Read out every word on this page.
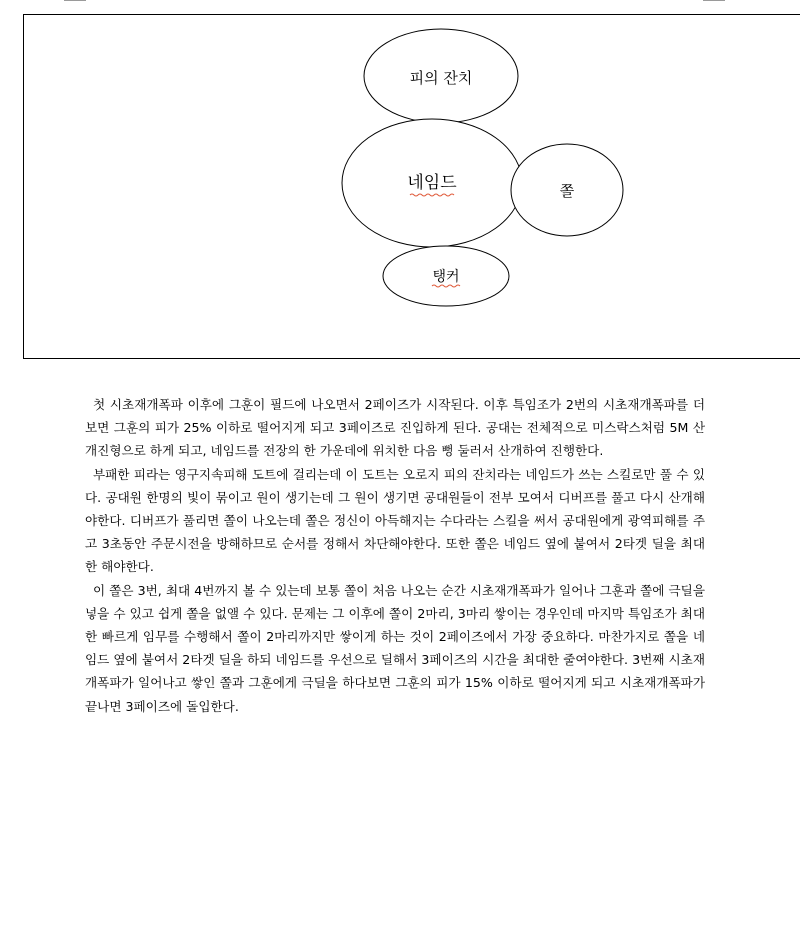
피의 잔치
네임드	쫄
탱커

첫 시초재개폭파 이후에 그훈이 필드에 나오면서 2페이즈가 시작된다. 이후 특임조가 2번의 시초재개폭파를 더 보면 그훈의 피가 25% 이하로 떨어지게 되고 3페이즈로 진입하게 된다. 공대는 전체적으로 미스락스처럼 5M 산개진형으로 하게 되고, 네임드를 전장의 한 가운데에 위치한 다음 뻥 둘러서 산개하여 진행한다.

부패한 피라는 영구지속피해 도트에 걸리는데 이 도트는 오로지 피의 잔치라는 네임드가 쓰는 스킬로만 풀 수 있다. 공대원 한명의 빛이 묶이고 원이 생기는데 그 원이 생기면 공대원들이 전부 모여서 디버프를 풀고 다시 산개해야한다. 디버프가 풀리면 쫄이 나오는데 쫄은 정신이 아득해지는 수다라는 스킬을 써서 공대원에게 광역피해를 주고 3초동안 주문시전을 방해하므로 순서를 정해서 차단해야한다. 또한 쫄은 네임드 옆에 붙여서 2타겟 딜을 최대한 해야한다.

이 쫄은 3번, 최대 4번까지 볼 수 있는데 보통 쫄이 처음 나오는 순간 시초재개폭파가 일어나 그훈과 쫄에 극딜을 넣을 수 있고 쉽게 쫄을 없앨 수 있다. 문제는 그 이후에 쫄이 2마리, 3마리 쌓이는 경우인데 마지막 특임조가 최대한 빠르게 임무를 수행해서 쫄이 2마리까지만 쌓이게 하는 것이 2페이즈에서 가장 중요하다. 마찬가지로 쫄을 네임드 옆에 붙여서 2타겟 딜을 하되 네임드를 우선으로 딜해서 3페이즈의 시간을 최대한 줄여야한다. 3번째 시초재개폭파가 일어나고 쌓인 쫄과 그훈에게 극딜을 하다보면 그훈의 피가 15% 이하로 떨어지게 되고 시초재개폭파가 끝나면 3페이즈에 돌입한다.
